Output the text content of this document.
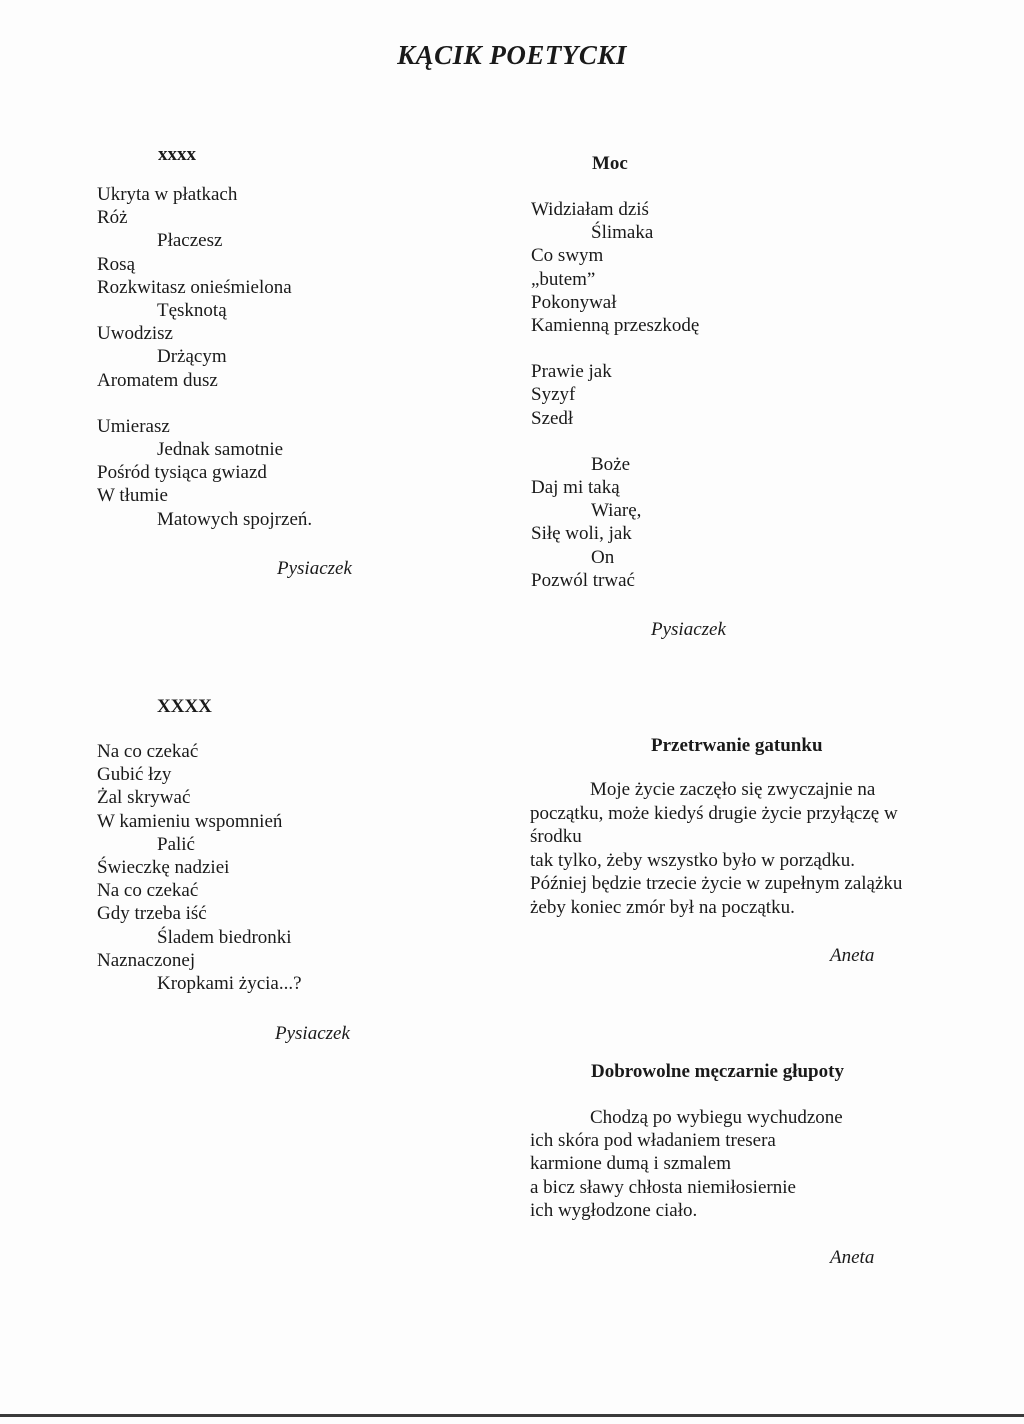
KĄCIK POETYCKI
xxxx
Ukryta w płatkach
Róż
Płaczesz
Rosą
Rozkwitasz onieśmielona
Tęsknotą
Uwodzisz
Drżącym
Aromatem dusz
Umierasz
Jednak samotnie
Pośród tysiąca gwiazd
W tłumie
Matowych spojrzeń.
Pysiaczek
Moc
Widziałam dziś
Ślimaka
Co swym
„butem”
Pokonywał
Kamienną przeszkodę
Prawie jak
Syzyf
Szedł
Boże
Daj mi taką
Wiarę,
Siłę woli, jak
On
Pozwól trwać
Pysiaczek
XXXX
Na co czekać
Gubić łzy
Żal skrywać
W kamieniu wspomnień
Palić
Świeczkę nadziei
Na co czekać
Gdy trzeba iść
Śladem biedronki
Naznaczonej
Kropkami życia...?
Pysiaczek
Przetrwanie gatunku
Moje życie zaczęło się zwyczajnie na początku, może kiedyś drugie życie przyłączę w środku
tak tylko, żeby wszystko było w porządku.
Później będzie trzecie życie w zupełnym zalążku
żeby koniec zmór był na początku.
Aneta
Dobrowolne męczarnie głupoty
Chodzą po wybiegu wychudzone
ich skóra pod władaniem tresera
karmione dumą i szmalem
a bicz sławy chłosta niemiłosiernie
ich wygłodzone ciało.
Aneta
